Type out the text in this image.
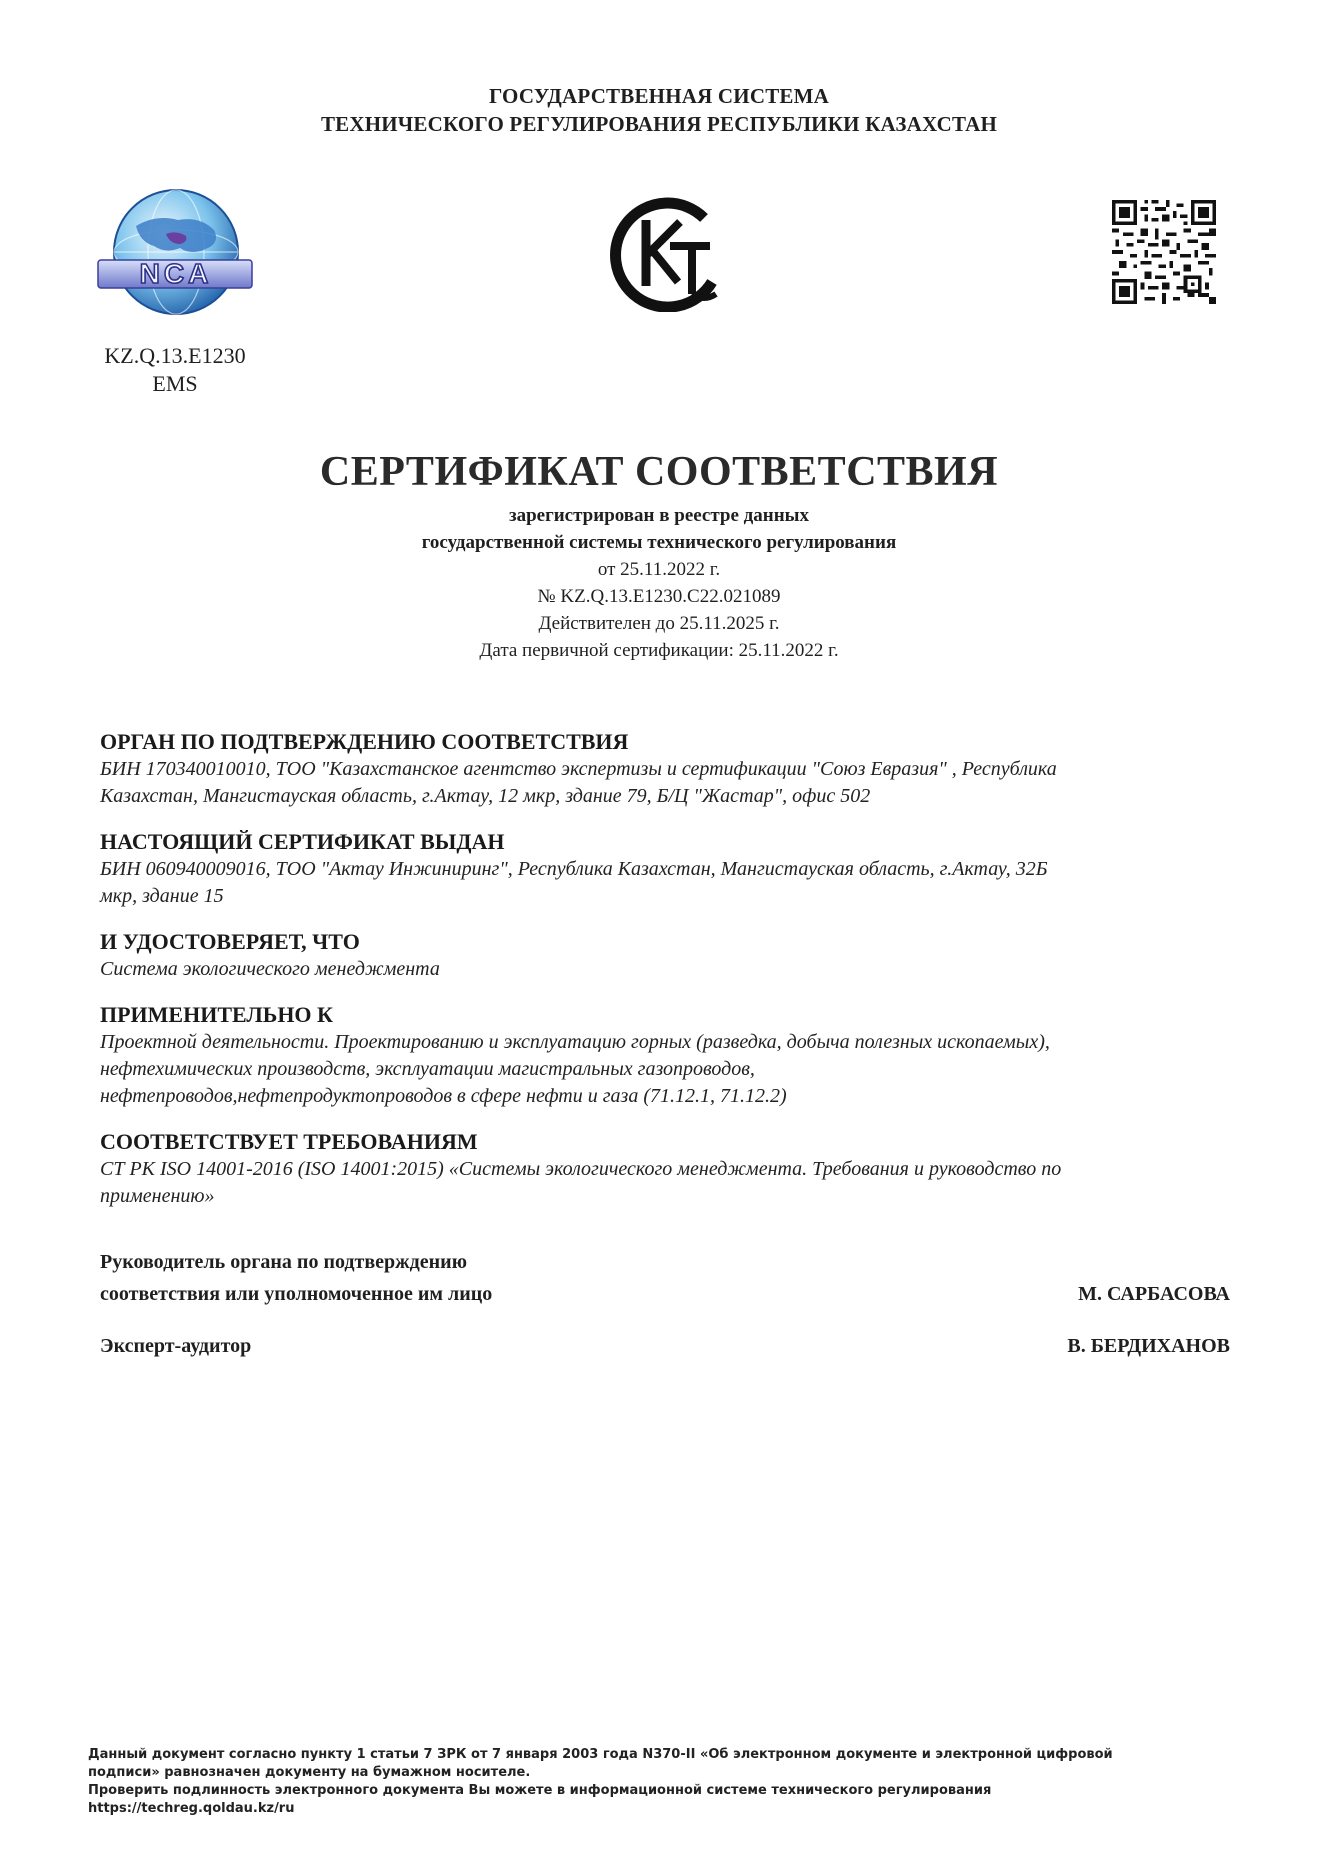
ГОСУДАРСТВЕННАЯ СИСТЕМА
ТЕХНИЧЕСКОГО РЕГУЛИРОВАНИЯ РЕСПУБЛИКИ КАЗАХСТАН
NCA
KZ.Q.13.E1230
EMS
СЕРТИФИКАТ СООТВЕТСТВИЯ
зарегистрирован в реестре данных
государственной системы технического регулирования
от 25.11.2022 г.
№ KZ.Q.13.E1230.C22.021089
Действителен до 25.11.2025 г.
Дата первичной сертификации: 25.11.2022 г.
ОРГАН ПО ПОДТВЕРЖДЕНИЮ СООТВЕТСТВИЯ
БИН 170340010010, ТОО "Казахстанское агентство экспертизы и сертификации "Союз Евразия" , Республика
Казахстан, Мангистауская область, г.Актау, 12 мкр, здание 79, Б/Ц "Жастар", офис 502
НАСТОЯЩИЙ СЕРТИФИКАТ ВЫДАН
БИН 060940009016, ТОО "Актау Инжиниринг", Республика Казахстан, Мангистауская область, г.Актау, 32Б
мкр, здание 15
И УДОСТОВЕРЯЕТ, ЧТО
Система экологического менеджмента
ПРИМЕНИТЕЛЬНО К
Проектной деятельности. Проектированию и эксплуатацию горных (разведка, добыча полезных ископаемых),
нефтехимических производств, эксплуатации магистральных газопроводов,
нефтепроводов,нефтепродуктопроводов в сфере нефти и газа (71.12.1, 71.12.2)
СООТВЕТСТВУЕТ ТРЕБОВАНИЯМ
СТ РК ISO 14001-2016 (ISO 14001:2015) «Системы экологического менеджмента. Требования и руководство по
применению»
Руководитель органа по подтверждению
соответствия или уполномоченное им лицо	М. САРБАСОВА
Эксперт-аудитор	В. БЕРДИХАНОВ
Данный документ согласно пункту 1 статьи 7 ЗРК от 7 января 2003 года N370-II «Об электронном документе и электронной цифровой
подписи» равнозначен документу на бумажном носителе.
Проверить подлинность электронного документа Вы можете в информационной системе технического регулирования
https://techreg.qoldau.kz/ru
